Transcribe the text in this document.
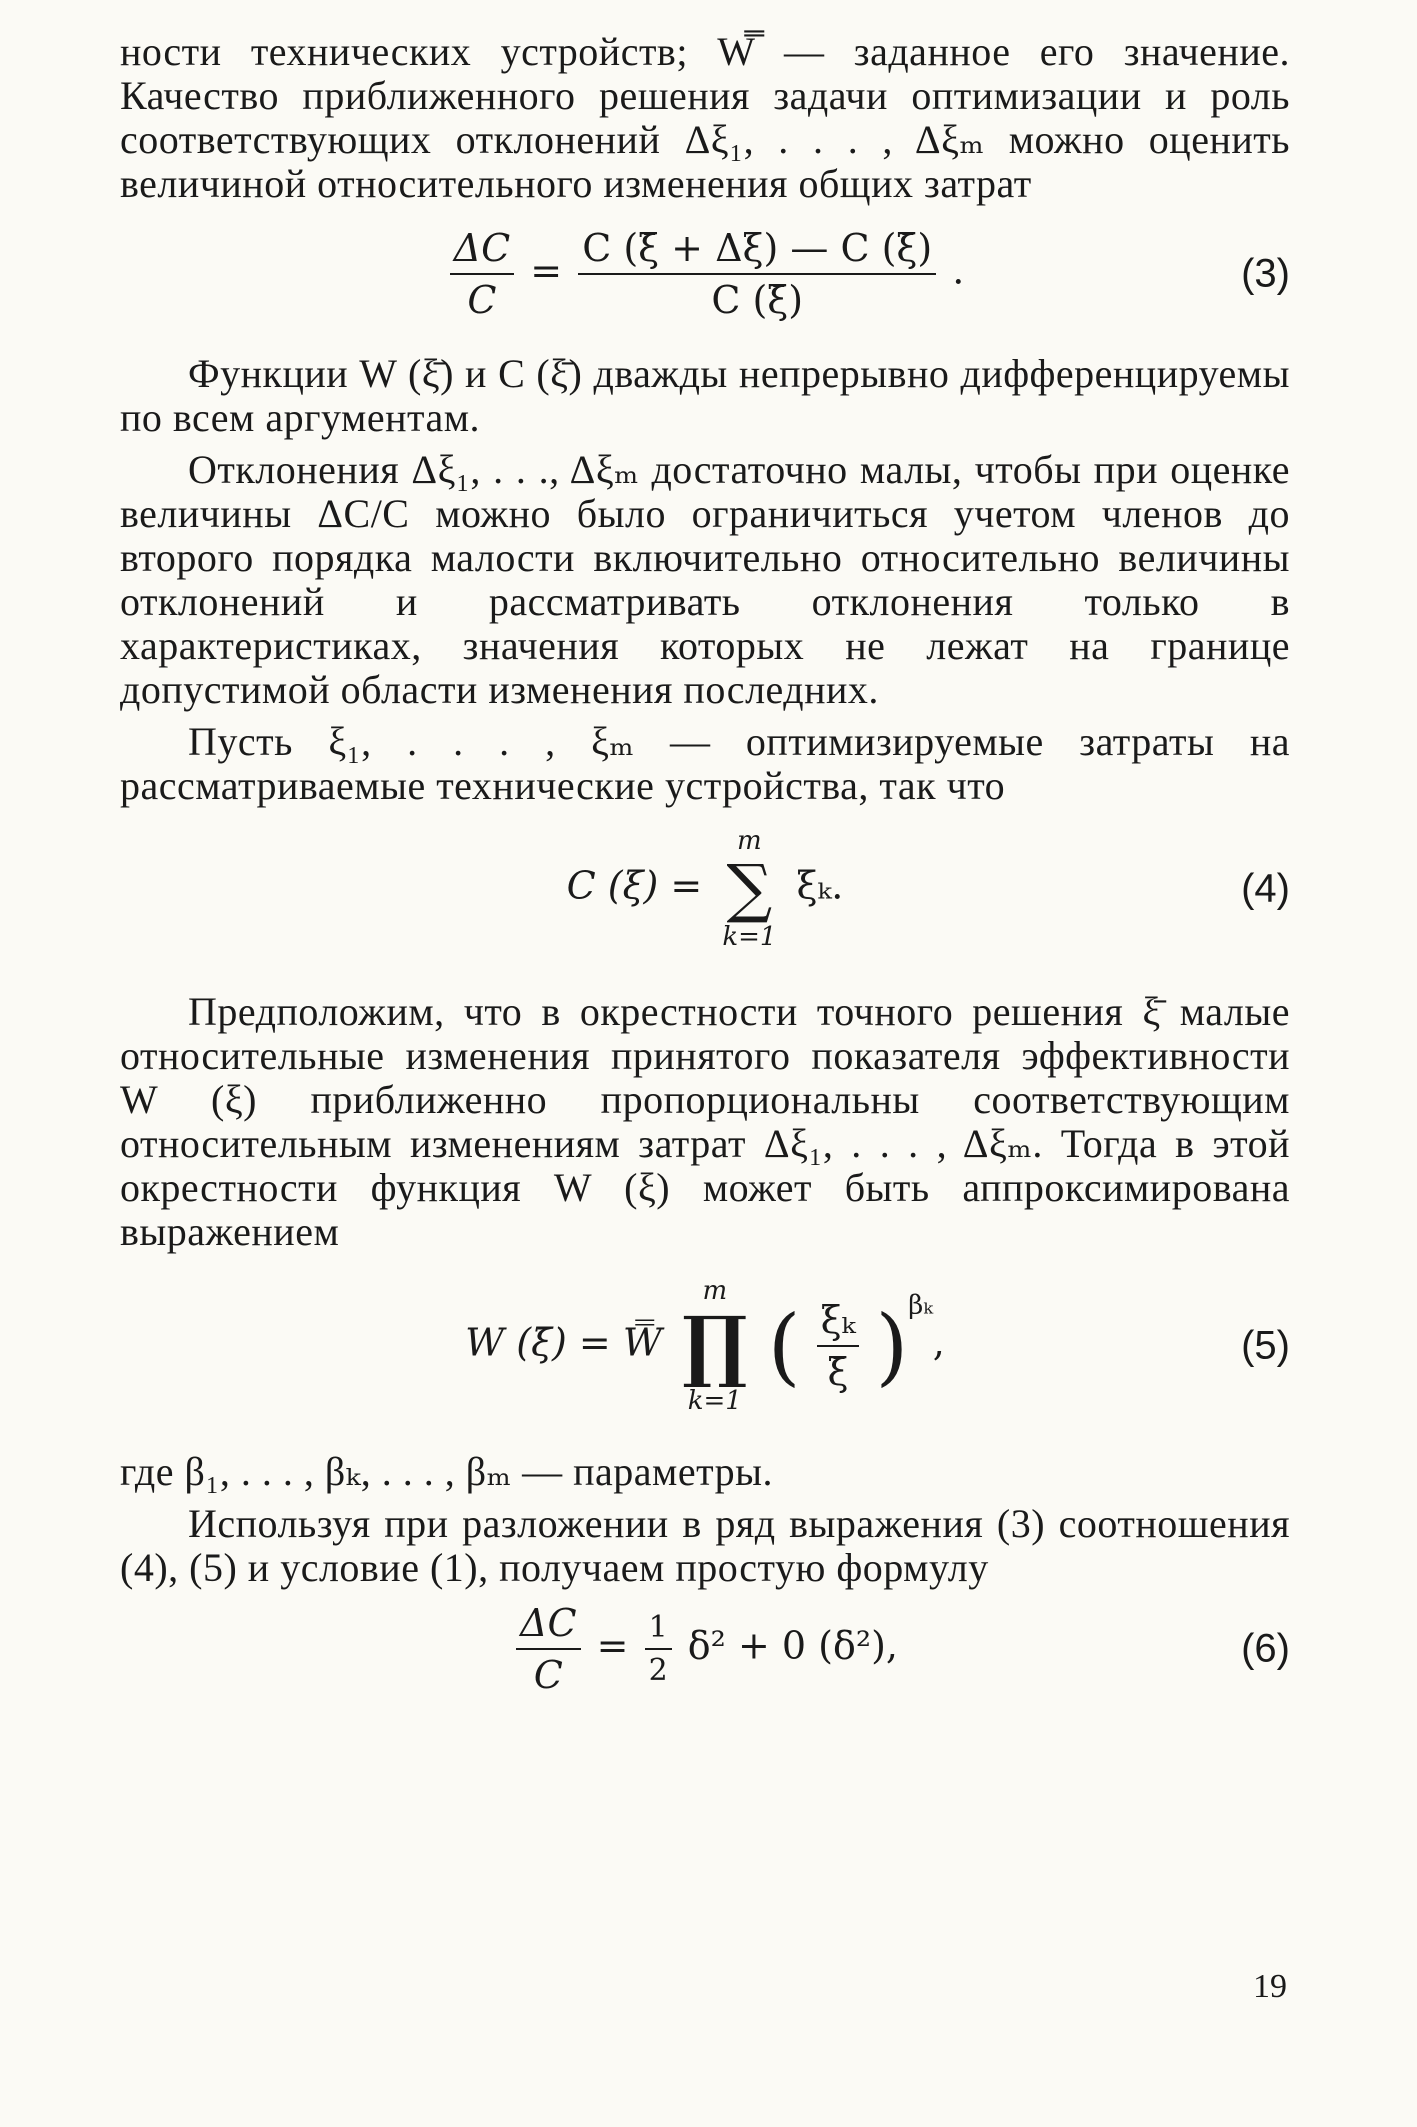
ности технических устройств; W̿ — заданное его значение. Качество приближенного решения задачи оптимизации и роль соответствующих отклонений Δξ₁, . . . , Δξₘ можно оценить величиной относительного изменения общих затрат

$\frac{\Delta C}{C} = \frac{C (\xī + \Delta\xi) — C (\xī)}{C (\xī)}$ .	(3)

Функции W (ξ̄) и C (ξ̄) дважды непрерывно дифференцируемы по всем аргументам.

Отклонения Δξ₁, . . ., Δξₘ достаточно малы, чтобы при оценке величины ΔC/C можно было ограничиться учетом членов до второго порядка малости включительно относительно величины отклонений и рассматривать отклонения только в характеристиках, значения которых не лежат на границе допустимой области изменения последних.

Пусть ξ₁, . . . , ξₘ — оптимизируемые затраты на рассматриваемые технические устройства, так что

C (ξ) =
m
∑
k=1
ξₖ.	(4)

Предположим, что в окрестности точного решения ξ̄ малые относительные изменения принятого показателя эффективности W (ξ) приближенно пропорциональны соответствующим относительным изменениям затрат Δξ₁, . . . , Δξₘ. Тогда в этой окрестности функция W (ξ) может быть аппроксимирована выражением

W (ξ̄) = W̿
m
∏
k=1
( $\frac{\text{ξₖ}}{\xī} )^{\beta_k}$,	(5)

где β₁, . . . , βₖ, . . . , βₘ — параметры.

Используя при разложении в ряд выражения (3) соотношения (4), (5) и условие (1), получаем простую формулу

$\frac{\Delta C}{C} = \frac{1}{2} \delta^2 + 0$ (δ²),	(6)
19
